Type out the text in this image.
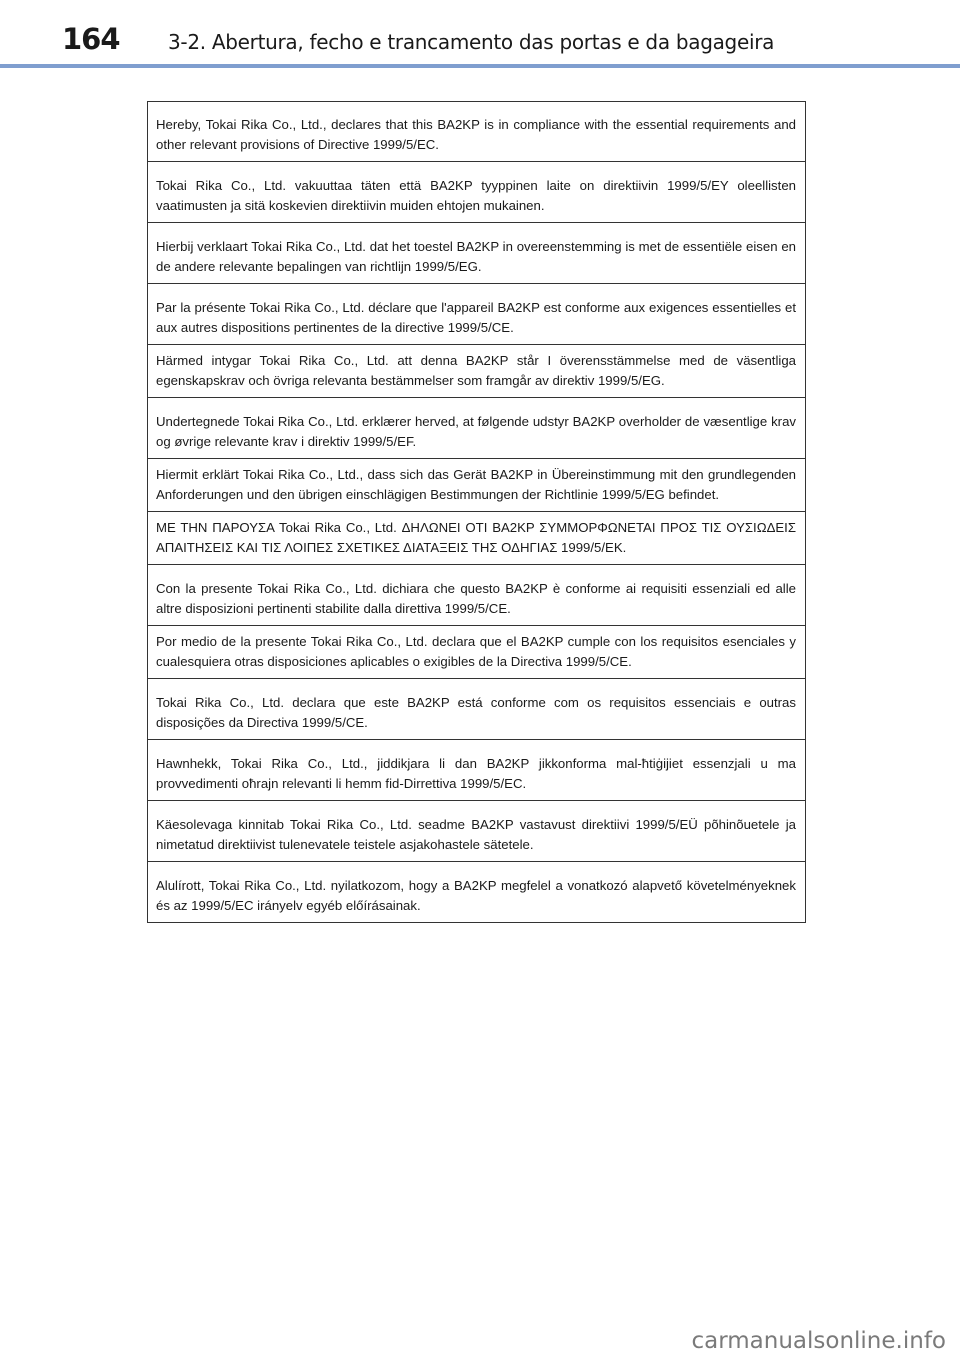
164 3-2. Abertura, fecho e trancamento das portas e da bagageira
Hereby, Tokai Rika Co., Ltd., declares that this BA2KP is in compliance with the essential requirements and other relevant provisions of Directive 1999/5/EC.
Tokai Rika Co., Ltd. vakuuttaa täten että BA2KP tyyppinen laite on direktiivin 1999/5/EY oleellisten vaatimusten ja sitä koskevien direktiivin muiden ehtojen mukainen.
Hierbij verklaart Tokai Rika Co., Ltd. dat het toestel BA2KP in overeenstemming is met de essentiële eisen en de andere relevante bepalingen van richtlijn 1999/5/EG.
Par la présente Tokai Rika Co., Ltd. déclare que l'appareil BA2KP est conforme aux exigences essentielles et aux autres dispositions pertinentes de la directive 1999/5/CE.
Härmed intygar Tokai Rika Co., Ltd. att denna BA2KP står I överensstämmelse med de väsentliga egenskapskrav och övriga relevanta bestämmelser som framgår av direktiv 1999/5/EG.
Undertegnede Tokai Rika Co., Ltd. erklærer herved, at følgende udstyr BA2KP overholder de væsentlige krav og øvrige relevante krav i direktiv 1999/5/EF.
Hiermit erklärt Tokai Rika Co., Ltd., dass sich das Gerät BA2KP in Übereinstimmung mit den grundlegenden Anforderungen und den übrigen einschlägigen Bestimmungen der Richtlinie 1999/5/EG befindet.
ΜΕ ΤΗΝ ΠΑΡΟΥΣΑ Tokai Rika Co., Ltd. ΔΗΛΩΝΕΙ ΟΤΙ BA2KP ΣΥΜΜΟΡΦΩΝΕΤΑΙ ΠΡΟΣ ΤΙΣ ΟΥΣΙΩΔΕΙΣ ΑΠΑΙΤΗΣΕΙΣ ΚΑΙ ΤΙΣ ΛΟΙΠΕΣ ΣΧΕΤΙΚΕΣ ΔΙΑΤΑΞΕΙΣ ΤΗΣ ΟΔΗΓΙΑΣ 1999/5/ΕΚ.
Con la presente Tokai Rika Co., Ltd. dichiara che questo BA2KP è conforme ai requisiti essenziali ed alle altre disposizioni pertinenti stabilite dalla direttiva 1999/5/CE.
Por medio de la presente Tokai Rika Co., Ltd. declara que el BA2KP cumple con los requisitos esenciales y cualesquiera otras disposiciones aplicables o exigibles de la Directiva 1999/5/CE.
Tokai Rika Co., Ltd. declara que este BA2KP está conforme com os requisitos essenciais e outras disposições da Directiva 1999/5/CE.
Hawnhekk, Tokai Rika Co., Ltd., jiddikjara li dan BA2KP jikkonforma mal-ħtiġijiet essenzjali u ma provvedimenti oħrajn relevanti li hemm fid-Dirrettiva 1999/5/EC.
Käesolevaga kinnitab Tokai Rika Co., Ltd. seadme BA2KP vastavust direktiivi 1999/5/EÜ põhinõuetele ja nimetatud direktiivist tulenevatele teistele asjakohastele sätetele.
Alulírott, Tokai Rika Co., Ltd. nyilatkozom, hogy a BA2KP megfelel a vonatkozó alapvető követelményeknek és az 1999/5/EC irányelv egyéb előírásainak.
carmanualsonline.info
